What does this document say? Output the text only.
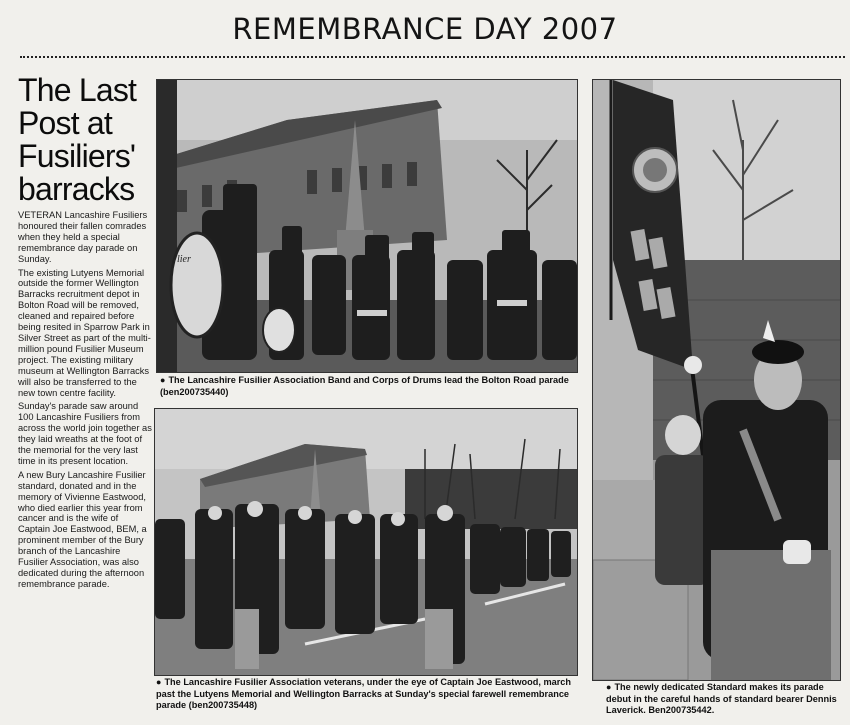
REMEMBRANCE DAY 2007
The Last Post at Fusiliers' barracks

VETERAN Lancashire Fusiliers honoured their fallen comrades when they held a special remembrance day parade on Sunday.

The existing Lutyens Memorial outside the former Wellington Barracks recruitment depot in Bolton Road will be removed, cleaned and repaired before being resited in Sparrow Park in Silver Street as part of the multi-million pound Fusilier Museum project. The existing military museum at Wellington Barracks will also be transferred to the new town centre facility.

Sunday's parade saw around 100 Lancashire Fusiliers from across the world join together as they laid wreaths at the foot of the memorial for the very last time in its present location.

A new Bury Lancashire Fusilier standard, donated and in the memory of Vivienne Eastwood, who died earlier this year from cancer and is the wife of Captain Joe Eastwood, BEM, a prominent member of the Bury branch of the Lancashire Fusilier Association, was also dedicated during the afternoon remembrance parade.

lier
● The Lancashire Fusilier Association Band and Corps of Drums lead the Bolton Road parade (ben200735440)
● The Lancashire Fusilier Association veterans, under the eye of Captain Joe Eastwood, march past the Lutyens Memorial and Wellington Barracks at Sunday's special farewell remembrance parade (ben200735448)
● The newly dedicated Standard makes its parade debut in the careful hands of standard bearer Dennis Laverick. Ben200735442.
